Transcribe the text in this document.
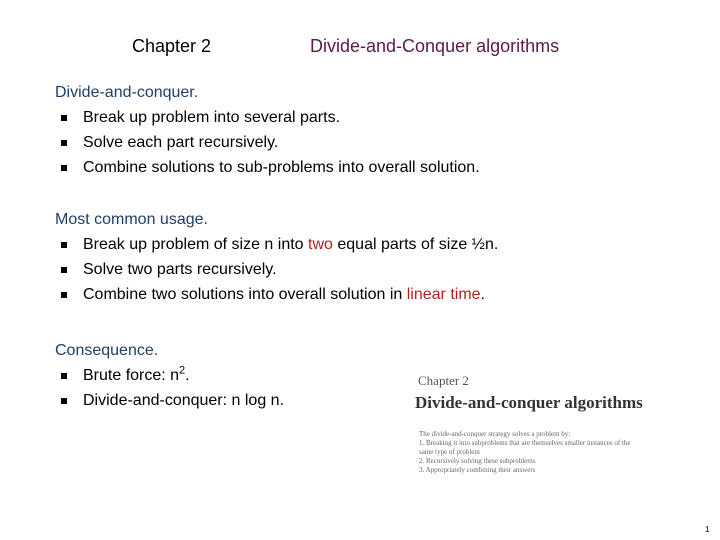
Chapter 2	Divide-and-Conquer algorithms
Divide-and-conquer.
Break up problem into several parts.
Solve each part recursively.
Combine solutions to sub-problems into overall solution.
Most common usage.
Break up problem of size n into two equal parts of size ½n.
Solve two parts recursively.
Combine two solutions into overall solution in linear time.
Consequence.
Brute force: $n^2$.
Divide-and-conquer: n log n.
Chapter 2
Divide-and-conquer algorithms
The divide-and-conquer strategy solves a problem by:
1. Breaking it into subproblems that are themselves smaller instances of the
same type of problem
2. Recursively solving these subproblems
3. Appropriately combining their answers
1
